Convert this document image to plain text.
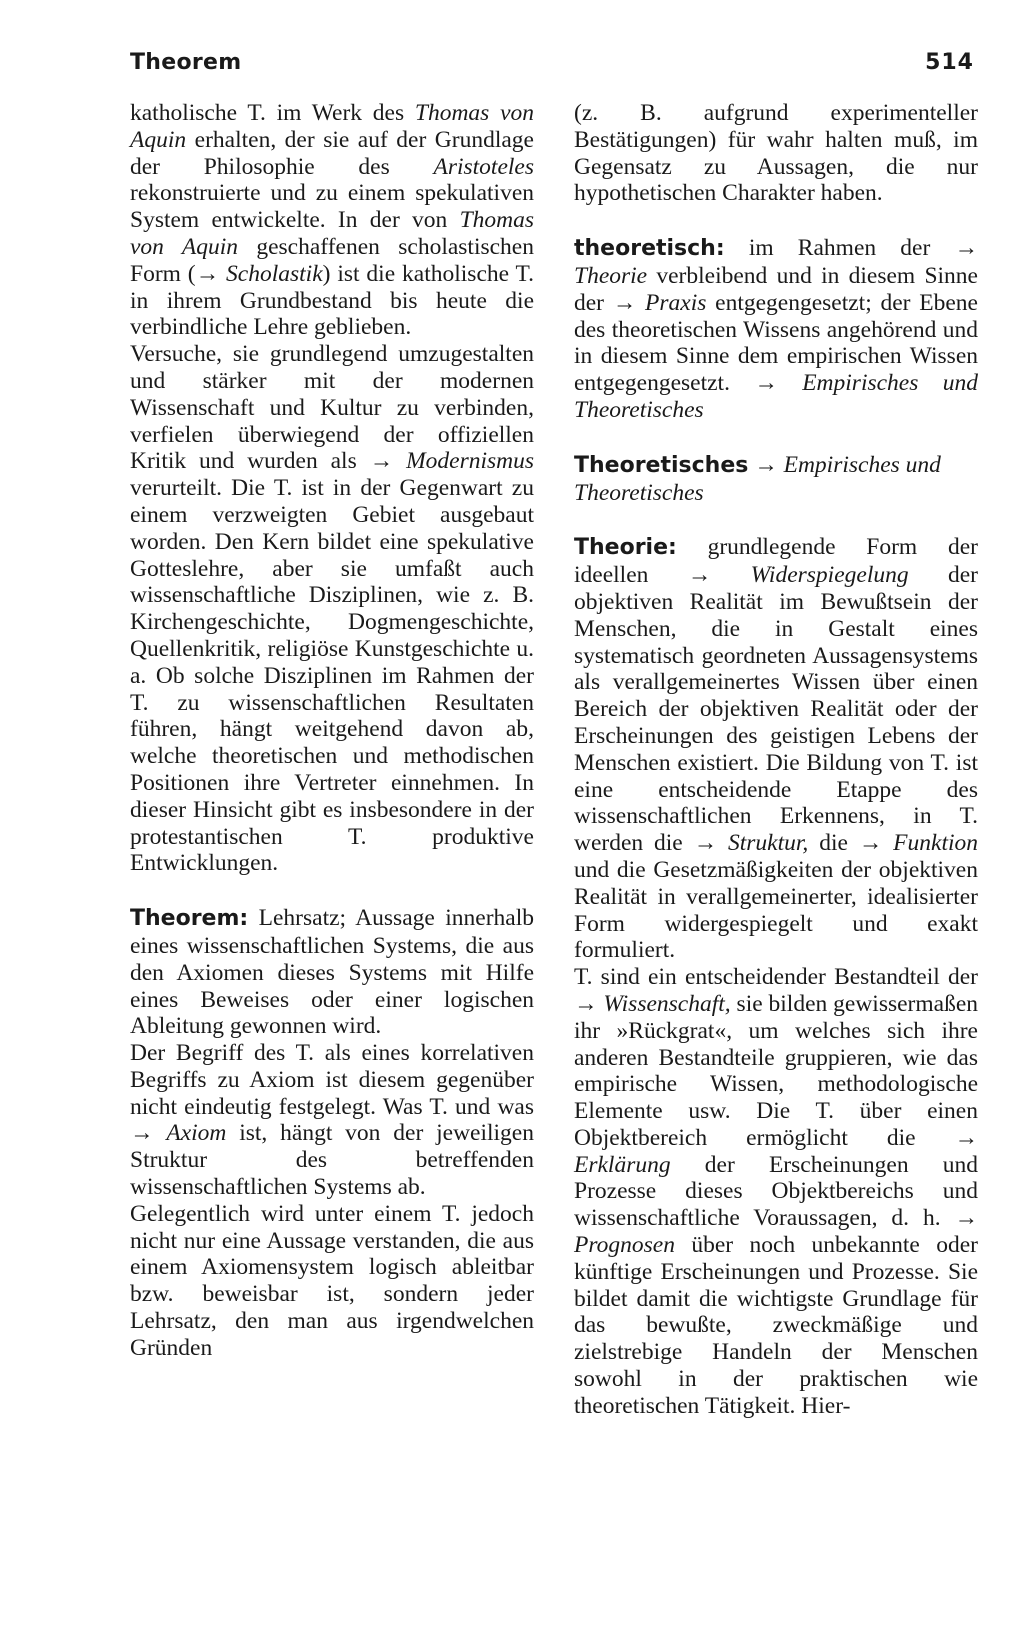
Theorem	514

katholische T. im Werk des Thomas von Aquin erhalten, der sie auf der Grundlage der Philosophie des Aristoteles rekonstruierte und zu einem spekulativen System entwickelte. In der von Thomas von Aquin geschaffenen scholastischen Form (→ Scholastik) ist die katholische T. in ihrem Grundbestand bis heute die verbindliche Lehre geblieben.

Versuche, sie grundlegend umzugestalten und stärker mit der modernen Wissenschaft und Kultur zu verbinden, verfielen überwiegend der offiziellen Kritik und wurden als → Modernismus verurteilt. Die T. ist in der Gegenwart zu einem verzweigten Gebiet ausgebaut worden. Den Kern bildet eine spekulative Gotteslehre, aber sie umfaßt auch wissenschaftliche Disziplinen, wie z. B. Kirchengeschichte, Dogmengeschichte, Quellenkritik, religiöse Kunstgeschichte u. a. Ob solche Disziplinen im Rahmen der T. zu wissenschaftlichen Resultaten führen, hängt weitgehend davon ab, welche theoretischen und methodischen Positionen ihre Vertreter einnehmen. In dieser Hinsicht gibt es insbesondere in der protestantischen T. produktive Entwicklungen.

Theorem: Lehrsatz; Aussage innerhalb eines wissenschaftlichen Systems, die aus den Axiomen dieses Systems mit Hilfe eines Beweises oder einer logischen Ableitung gewonnen wird.

Der Begriff des T. als eines korrelativen Begriffs zu Axiom ist diesem gegenüber nicht eindeutig festgelegt. Was T. und was → Axiom ist, hängt von der jeweiligen Struktur des betreffenden wissenschaftlichen Systems ab.

Gelegentlich wird unter einem T. jedoch nicht nur eine Aussage verstanden, die aus einem Axiomensystem logisch ableitbar bzw. beweisbar ist, sondern jeder Lehrsatz, den man aus irgendwelchen Gründen

(z. B. aufgrund experimenteller Bestätigungen) für wahr halten muß, im Gegensatz zu Aussagen, die nur hypothetischen Charakter haben.

theoretisch: im Rahmen der → Theorie verbleibend und in diesem Sinne der → Praxis entgegengesetzt; der Ebene des theoretischen Wissens angehörend und in diesem Sinne dem empirischen Wissen entgegengesetzt. → Empirisches und Theoretisches

Theoretisches → Empirisches und Theoretisches

Theorie: grundlegende Form der ideellen → Widerspiegelung der objektiven Realität im Bewußtsein der Menschen, die in Gestalt eines systematisch geordneten Aussagensystems als verallgemeinertes Wissen über einen Bereich der objektiven Realität oder der Erscheinungen des geistigen Lebens der Menschen existiert. Die Bildung von T. ist eine entscheidende Etappe des wissenschaftlichen Erkennens, in T. werden die → Struktur, die → Funktion und die Gesetzmäßigkeiten der objektiven Realität in verallgemeinerter, idealisierter Form widergespiegelt und exakt formuliert.

T. sind ein entscheidender Bestandteil der → Wissenschaft, sie bilden gewissermaßen ihr »Rückgrat«, um welches sich ihre anderen Bestandteile gruppieren, wie das empirische Wissen, methodologische Elemente usw. Die T. über einen Objektbereich ermöglicht die → Erklärung der Erscheinungen und Prozesse dieses Objektbereichs und wissenschaftliche Voraussagen, d. h. → Prognosen über noch unbekannte oder künftige Erscheinungen und Prozesse. Sie bildet damit die wichtigste Grundlage für das bewußte, zweckmäßige und zielstrebige Handeln der Menschen sowohl in der praktischen wie theoretischen Tätigkeit. Hier-
